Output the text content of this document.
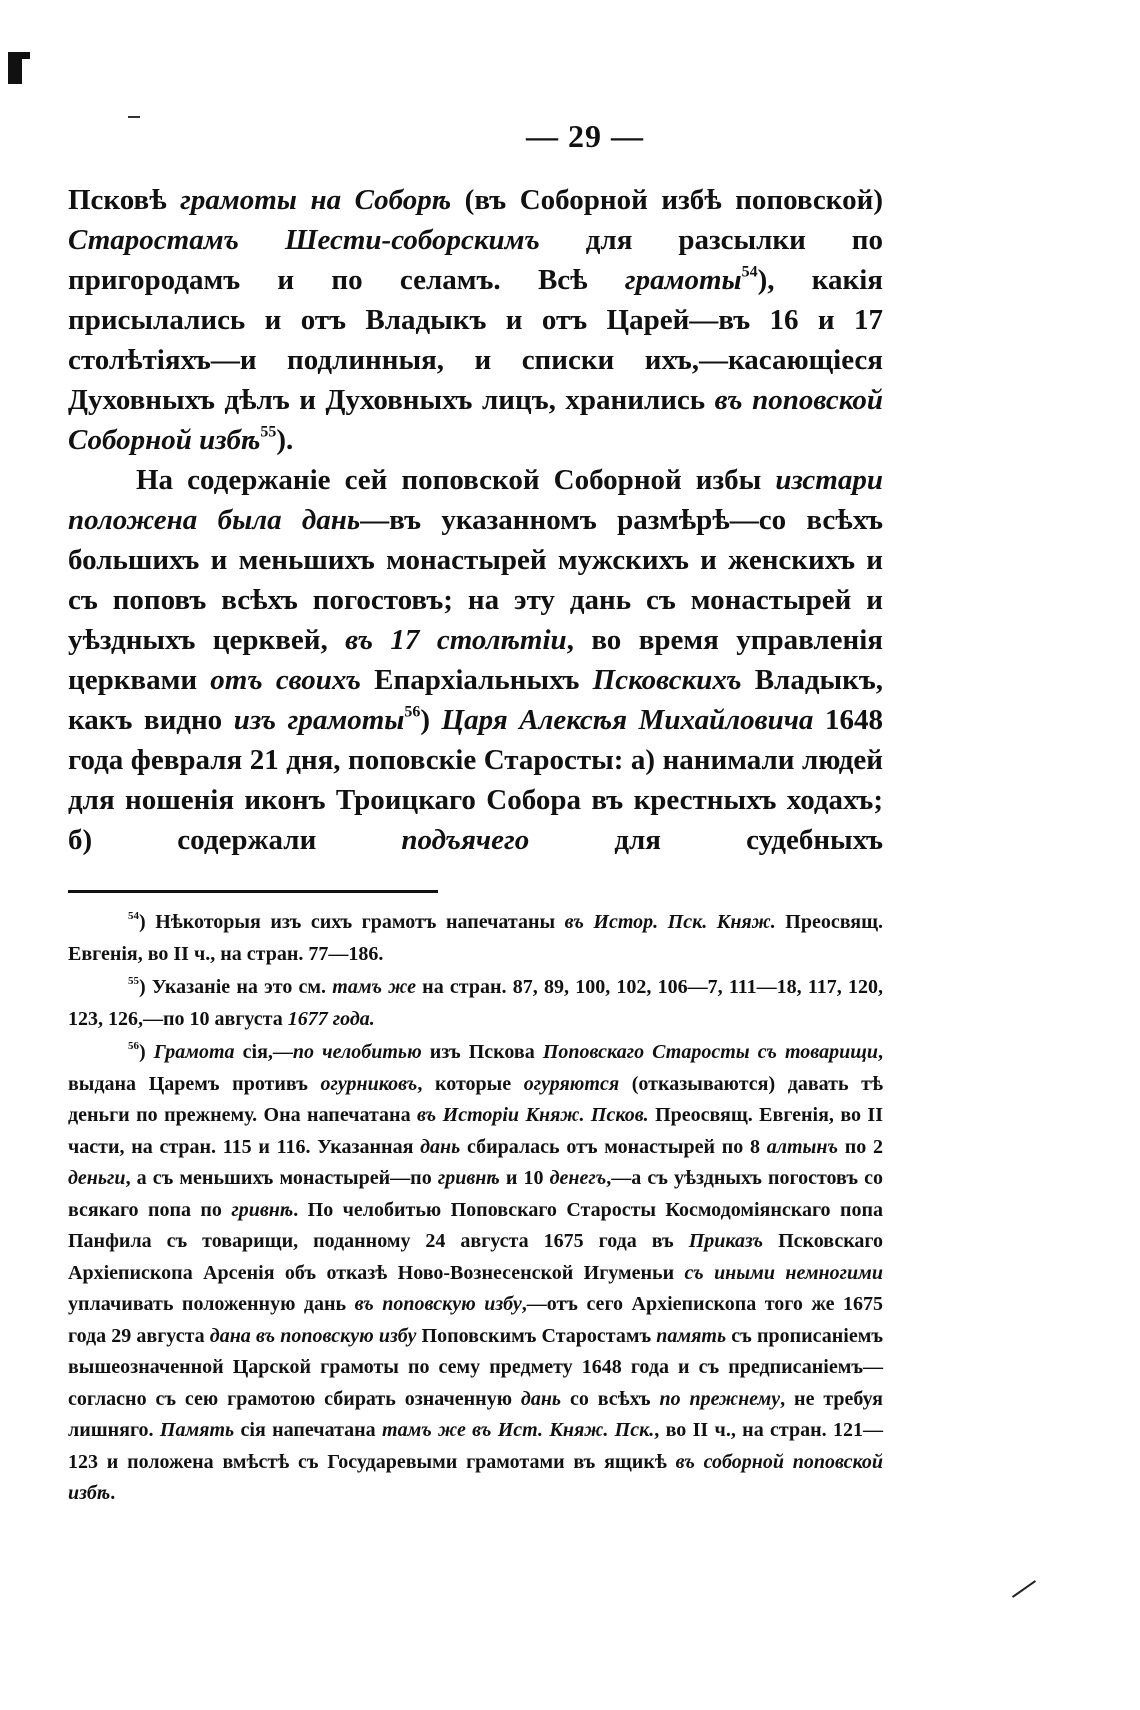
— 29 —

Псковѣ грамоты на Соборѣ (въ Соборной избѣ поповской) Старостамъ Шести-соборскимъ для разсылки по пригородамъ и по селамъ. Всѣ грамоты$^{54}$), какія присылались и отъ Владыкъ и отъ Царей—въ 16 и 17 столѣтіяхъ—и подлинныя, и списки ихъ,—касающіеся Духовныхъ дѣлъ и Духовныхъ лицъ, хранились въ поповской Соборной избѣ$^{55}$).

На содержаніе сей поповской Соборной избы изстари положена была дань—въ указанномъ размѣрѣ—со всѣхъ большихъ и меньшихъ монастырей мужскихъ и женскихъ и съ поповъ всѣхъ погостовъ; на эту дань съ монастырей и уѣздныхъ церквей, въ 17 столѣтіи, во время управленія церквами отъ своихъ Епархіальныхъ Псковскихъ Владыкъ, какъ видно изъ грамоты$^{56}$) Царя Алексѣя Михайловича 1648 года февраля 21 дня, поповскіе Старосты: а) нанимали людей для ношенія иконъ Троицкаго Собора въ крестныхъ ходахъ; б) содержали подъячего для судебныхъ

$^{54}$) Нѣкоторыя изъ сихъ грамотъ напечатаны въ Истор. Пск. Княж. Преосвящ. Евгенія, во II ч., на стран. 77—186.

$^{55}$) Указаніе на это см. тамъ же на стран. 87, 89, 100, 102, 106—7, 111—18, 117, 120, 123, 126,—по 10 августа 1677 года.

$^{56}$) Грамота сія,—по челобитью изъ Пскова Поповскаго Старосты съ товарищи, выдана Царемъ противъ огурниковъ, которые огуряются (отказываются) давать тѣ деньги по прежнему. Она напечатана въ Исторіи Княж. Псков. Преосвящ. Евгенія, во II части, на стран. 115 и 116. Указанная дань сбиралась отъ монастырей по 8 алтынъ по 2 деньги, а съ меньшихъ монастырей—по гривнѣ и 10 денегъ,—а съ уѣздныхъ погостовъ со всякаго попа по гривнѣ. По челобитью Поповскаго Старосты Космодоміянскаго попа Панфила съ товарищи, поданному 24 августа 1675 года въ Приказъ Псковскаго Архіепископа Арсенія объ отказѣ Ново-Вознесенской Игуменьи съ иными немногими уплачивать положенную дань въ поповскую избу,—отъ сего Архіепископа того же 1675 года 29 августа дана въ поповскую избу Поповскимъ Старостамъ память съ прописаніемъ вышеозначенной Царской грамоты по сему предмету 1648 года и съ предписаніемъ—согласно съ сею грамотою сбирать означенную дань со всѣхъ по прежнему, не требуя лишняго. Память сія напечатана тамъ же въ Ист. Княж. Пск., во II ч., на стран. 121—123 и положена вмѣстѣ съ Государевыми грамотами въ ящикѣ въ соборной поповской избѣ.
